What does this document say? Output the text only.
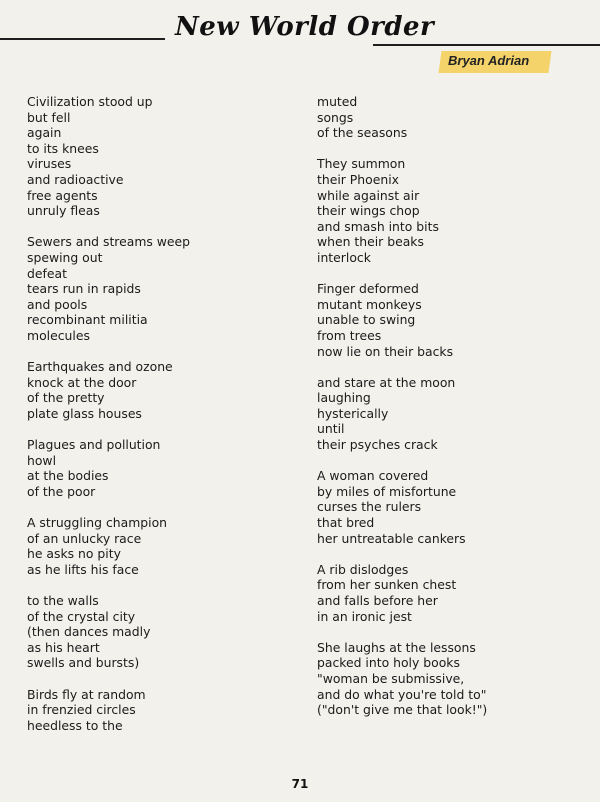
New World Order
Bryan Adrian
Civilization stood up
but fell
again
to its knees
viruses
and radioactive
free agents
unruly fleas
Sewers and streams weep
spewing out
defeat
tears run in rapids
and pools
recombinant militia
molecules
Earthquakes and ozone
knock at the door
of the pretty
plate glass houses
Plagues and pollution
howl
at the bodies
of the poor
A struggling champion
of an unlucky race
he asks no pity
as he lifts his face
to the walls
of the crystal city
(then dances madly
as his heart
swells and bursts)
Birds fly at random
in frenzied circles
heedless to the
muted
songs
of the seasons
They summon
their Phoenix
while against air
their wings chop
and smash into bits
when their beaks
interlock
Finger deformed
mutant monkeys
unable to swing
from trees
now lie on their backs
and stare at the moon
laughing
hysterically
until
their psyches crack
A woman covered
by miles of misfortune
curses the rulers
that bred
her untreatable cankers
A rib dislodges
from her sunken chest
and falls before her
in an ironic jest
She laughs at the lessons
packed into holy books
"woman be submissive,
and do what you're told to"
("don't give me that look!")
71
